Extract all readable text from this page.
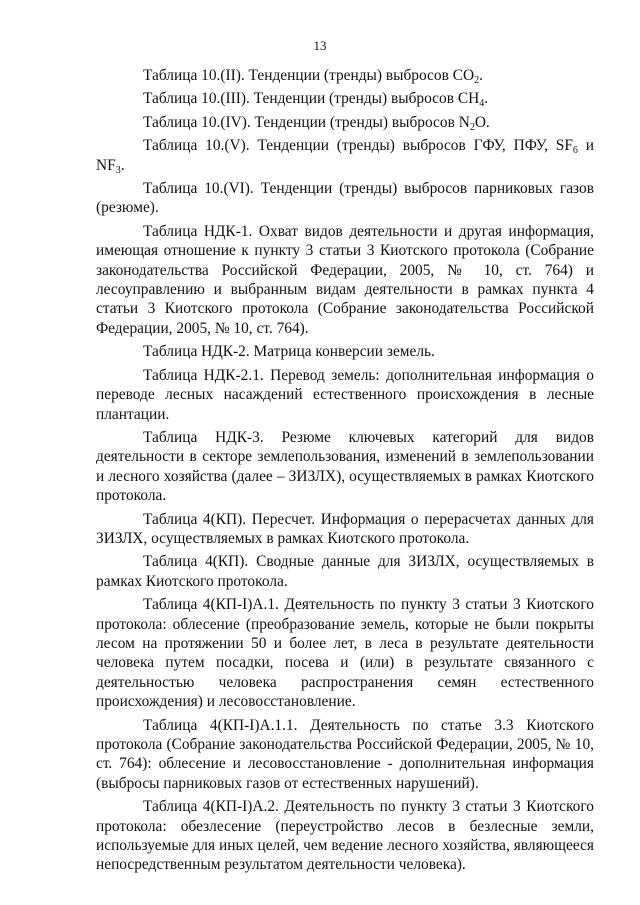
13

Таблица 10.(II). Тенденции (тренды) выбросов $CO_2$.

Таблица 10.(III). Тенденции (тренды) выбросов $CH_4$.

Таблица 10.(IV). Тенденции (тренды) выбросов $N_2O$.

Таблица 10.(V). Тенденции (тренды) выбросов ГФУ, ПФУ, $SF_6$ и $NF_3$.

Таблица 10.(VI). Тенденции (тренды) выбросов парниковых газов (резюме).

Таблица НДК-1. Охват видов деятельности и другая информация, имеющая отношение к пункту 3 статьи 3 Киотского протокола (Собрание законодательства Российской Федерации, 2005, № 10, ст. 764) и лесоуправлению и выбранным видам деятельности в рамках пункта 4 статьи 3 Киотского протокола (Собрание законодательства Российской Федерации, 2005, № 10, ст. 764).

Таблица НДК-2. Матрица конверсии земель.

Таблица НДК-2.1. Перевод земель: дополнительная информация о переводе лесных насаждений естественного происхождения в лесные плантации.

Таблица НДК-3. Резюме ключевых категорий для видов деятельности в секторе землепользования, изменений в землепользовании и лесного хозяйства (далее – ЗИЗЛХ), осуществляемых в рамках Киотского протокола.

Таблица 4(КП). Пересчет. Информация о перерасчетах данных для ЗИЗЛХ, осуществляемых в рамках Киотского протокола.

Таблица 4(КП). Сводные данные для ЗИЗЛХ, осуществляемых в рамках Киотского протокола.

Таблица 4(КП-I)А.1. Деятельность по пункту 3 статьи 3 Киотского протокола: облесение (преобразование земель, которые не были покрыты лесом на протяжении 50 и более лет, в леса в результате деятельности человека путем посадки, посева и (или) в результате связанного с деятельностью человека распространения семян естественного происхождения) и лесовосстановление.

Таблица 4(КП-I)А.1.1. Деятельность по статье 3.3 Киотского протокола (Собрание законодательства Российской Федерации, 2005, № 10, ст. 764): облесение и лесовосстановление - дополнительная информация (выбросы парниковых газов от естественных нарушений).

Таблица 4(КП-I)А.2. Деятельность по пункту 3 статьи 3 Киотского протокола: обезлесение (переустройство лесов в безлесные земли, используемые для иных целей, чем ведение лесного хозяйства, являющееся непосредственным результатом деятельности человека).
